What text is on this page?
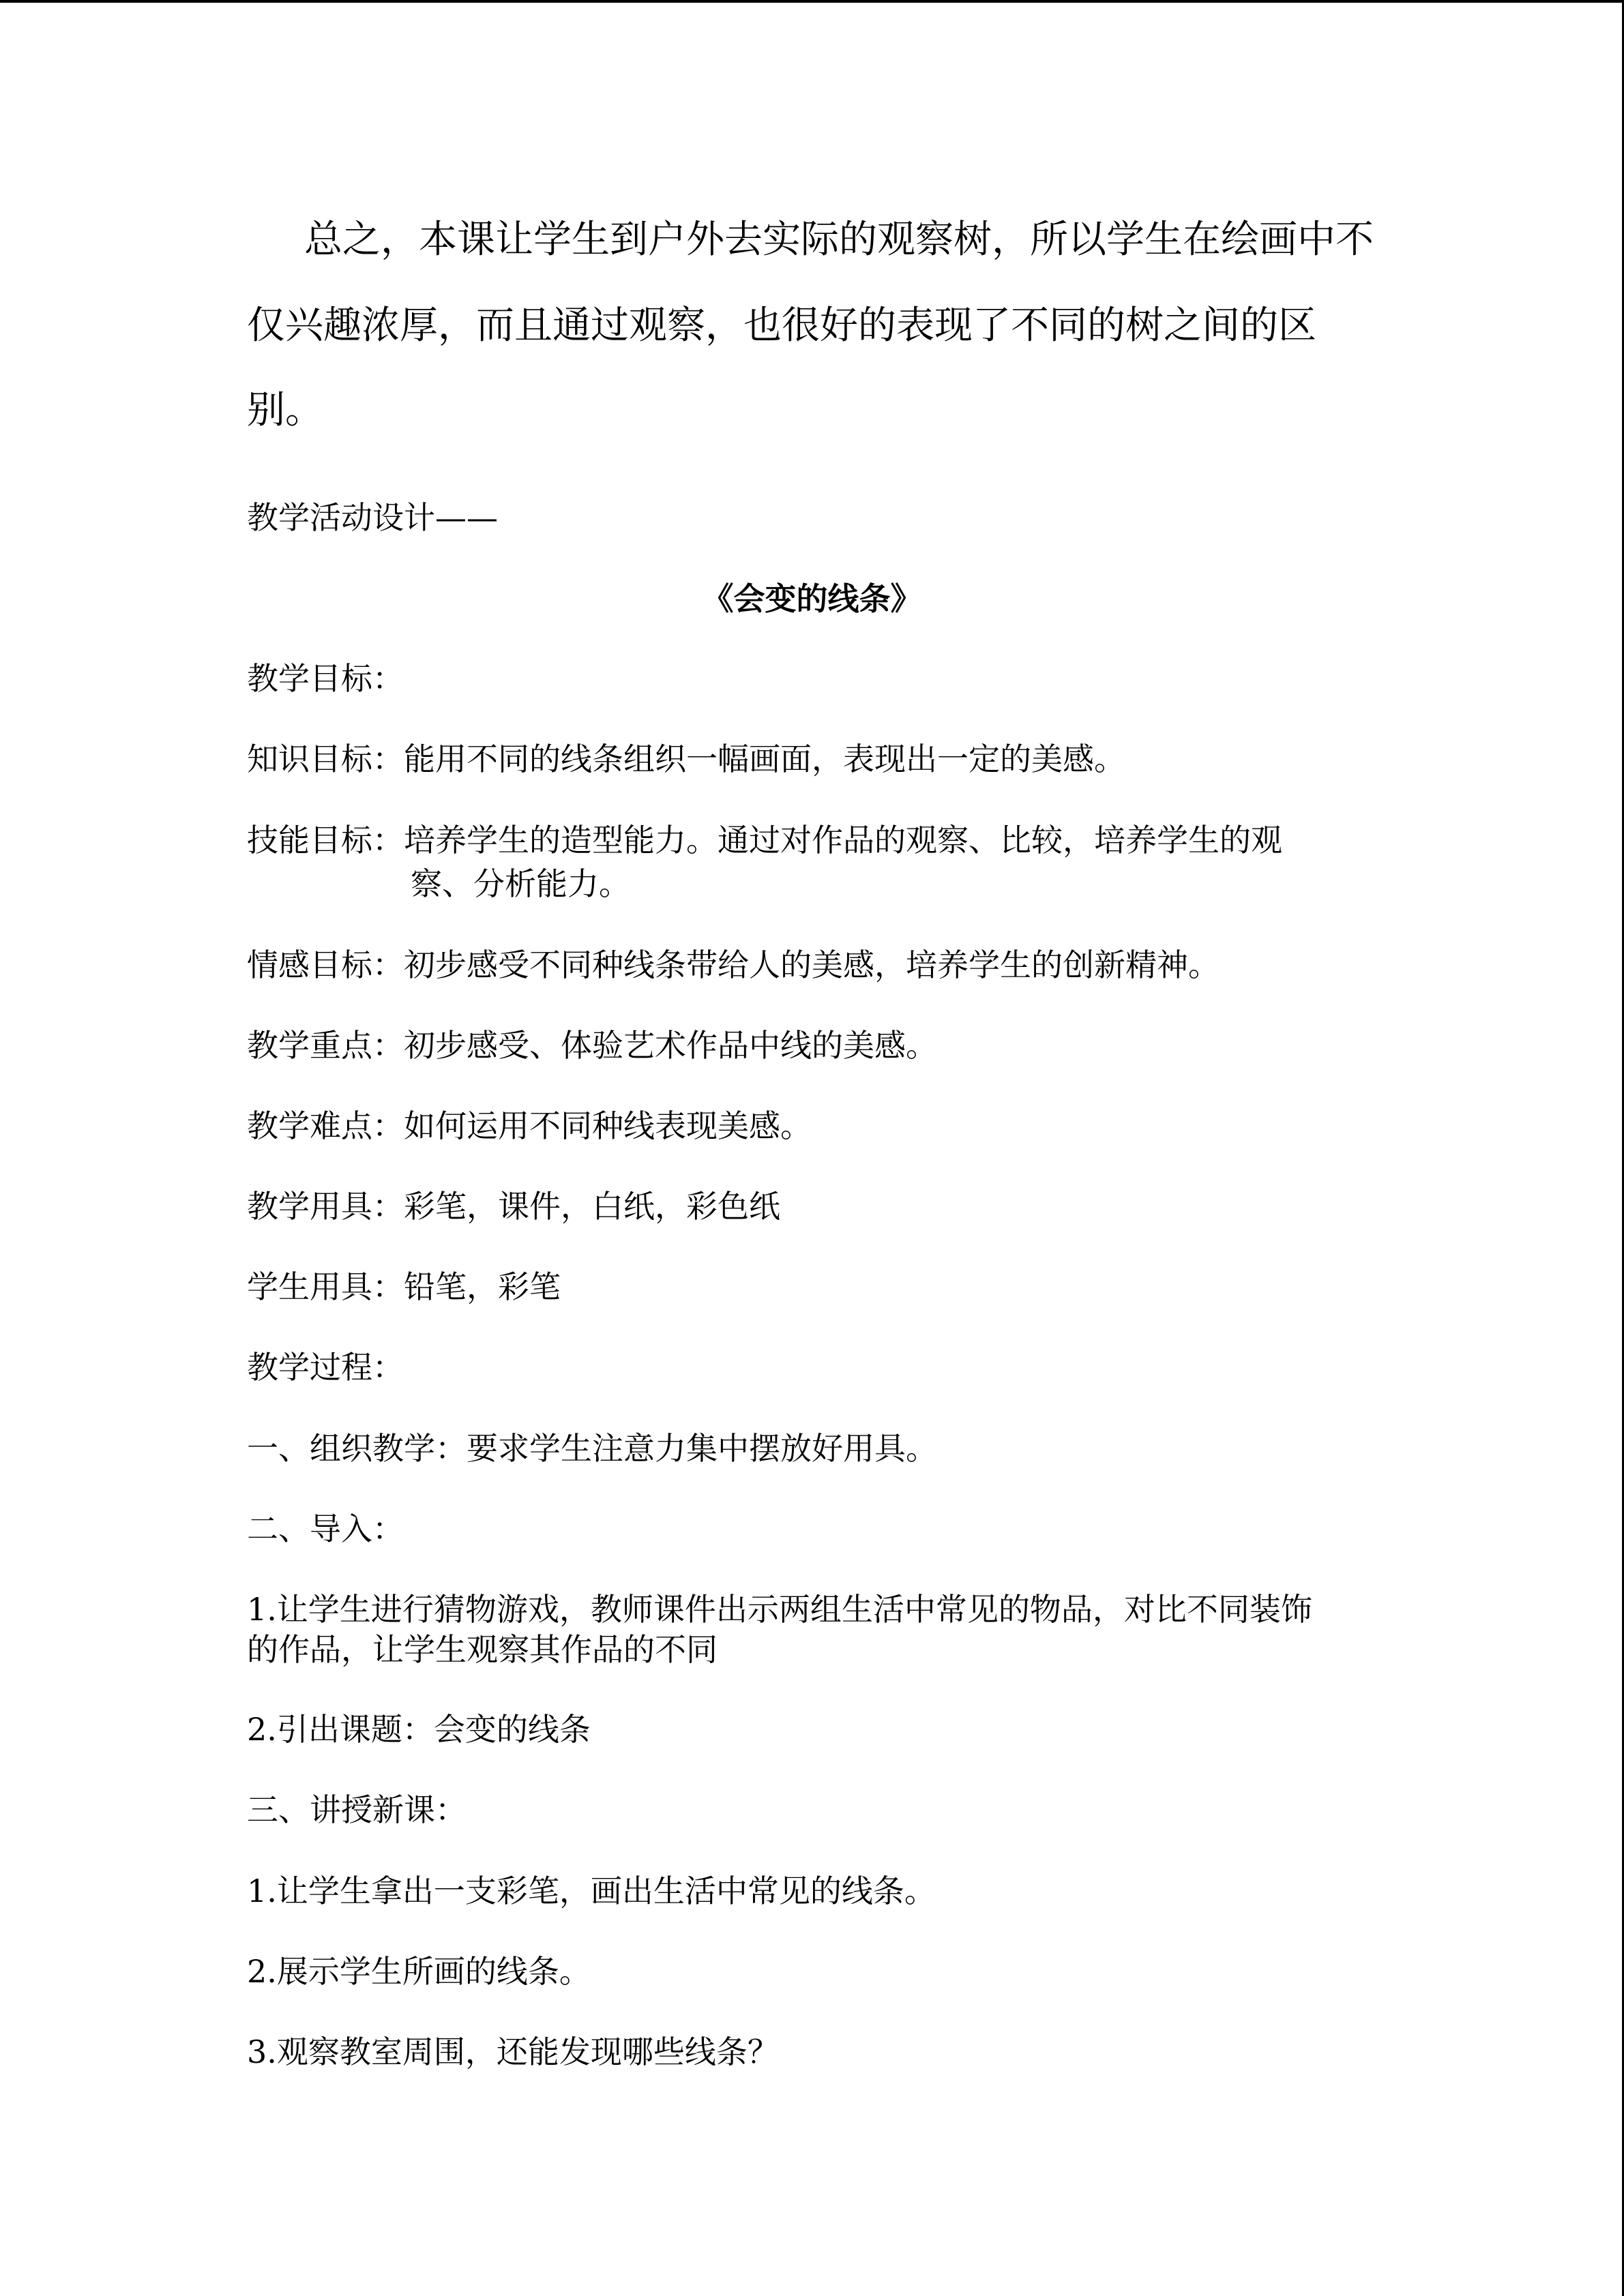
总之，本课让学生到户外去实际的观察树，所以学生在绘画中不
仅兴趣浓厚，而且通过观察，也很好的表现了不同的树之间的区
别。
教学活动设计——
《会变的线条》
教学目标：
知识目标：能用不同的线条组织一幅画面，表现出一定的美感。
技能目标：培养学生的造型能力。通过对作品的观察、比较，培养学生的观
察、分析能力。
情感目标：初步感受不同种线条带给人的美感，培养学生的创新精神。
教学重点：初步感受、体验艺术作品中线的美感。
教学难点：如何运用不同种线表现美感。
教学用具：彩笔，课件，白纸，彩色纸
学生用具：铅笔，彩笔
教学过程：
一、组织教学：要求学生注意力集中摆放好用具。
二、导入：
1.让学生进行猜物游戏，教师课件出示两组生活中常见的物品，对比不同装饰
的作品，让学生观察其作品的不同
2.引出课题：会变的线条
三、讲授新课：
1.让学生拿出一支彩笔，画出生活中常见的线条。
2.展示学生所画的线条。
3.观察教室周围，还能发现哪些线条？
